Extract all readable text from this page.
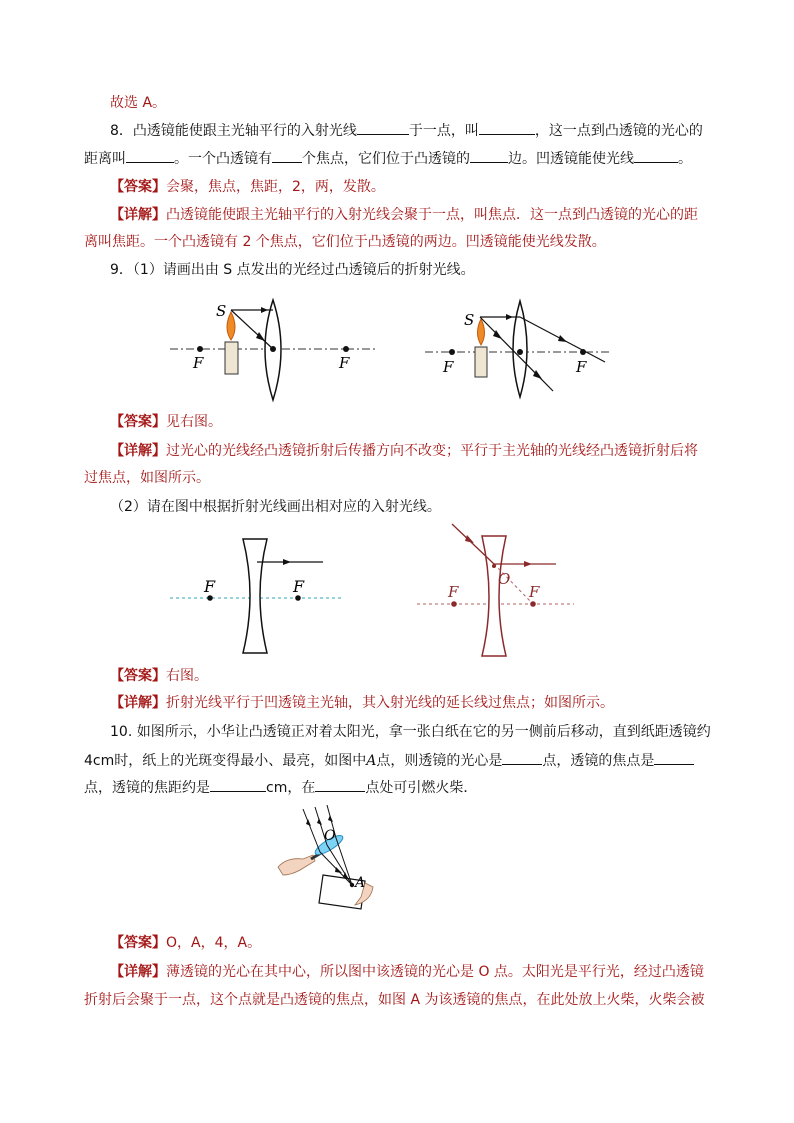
故选 A。
8．凸透镜能使跟主光轴平行的入射光线	于一点，叫	，这一点到凸透镜的光心的
距离叫	。一个凸透镜有 个焦点，它们位于凸透镜的	边。凹透镜能使光线	。
【答案】会聚，焦点，焦距，2，两，发散。
【详解】凸透镜能使跟主光轴平行的入射光线会聚于一点，叫焦点．这一点到凸透镜的光心的距
离叫焦距。一个凸透镜有 2 个焦点，它们位于凸透镜的两边。凹透镜能使光线发散。
9．（1）请画出由 S 点发出的光经过凸透镜后的折射光线。
S
F	F
S
F	F
【答案】见右图。
【详解】过光心的光线经凸透镜折射后传播方向不改变；平行于主光轴的光线经凸透镜折射后将
过焦点，如图所示。
（2）请在图中根据折射光线画出相对应的入射光线。
F	F	O
F	F
【答案】右图。
【详解】折射光线平行于凹透镜主光轴，其入射光线的延长线过焦点；如图所示。
10. 如图所示，小华让凸透镜正对着太阳光，拿一张白纸在它的另一侧前后移动，直到纸距透镜约
4cm时，纸上的光斑变得最小、最亮，如图中A点，则透镜的光心是	点，透镜的焦点是
点，透镜的焦距约是	cm，在	点处可引燃火柴．
O
A
【答案】O，A，4，A。
【详解】薄透镜的光心在其中心，所以图中该透镜的光心是 O 点。太阳光是平行光，经过凸透镜
折射后会聚于一点，这个点就是凸透镜的焦点，如图 A 为该透镜的焦点，在此处放上火柴，火柴会被
